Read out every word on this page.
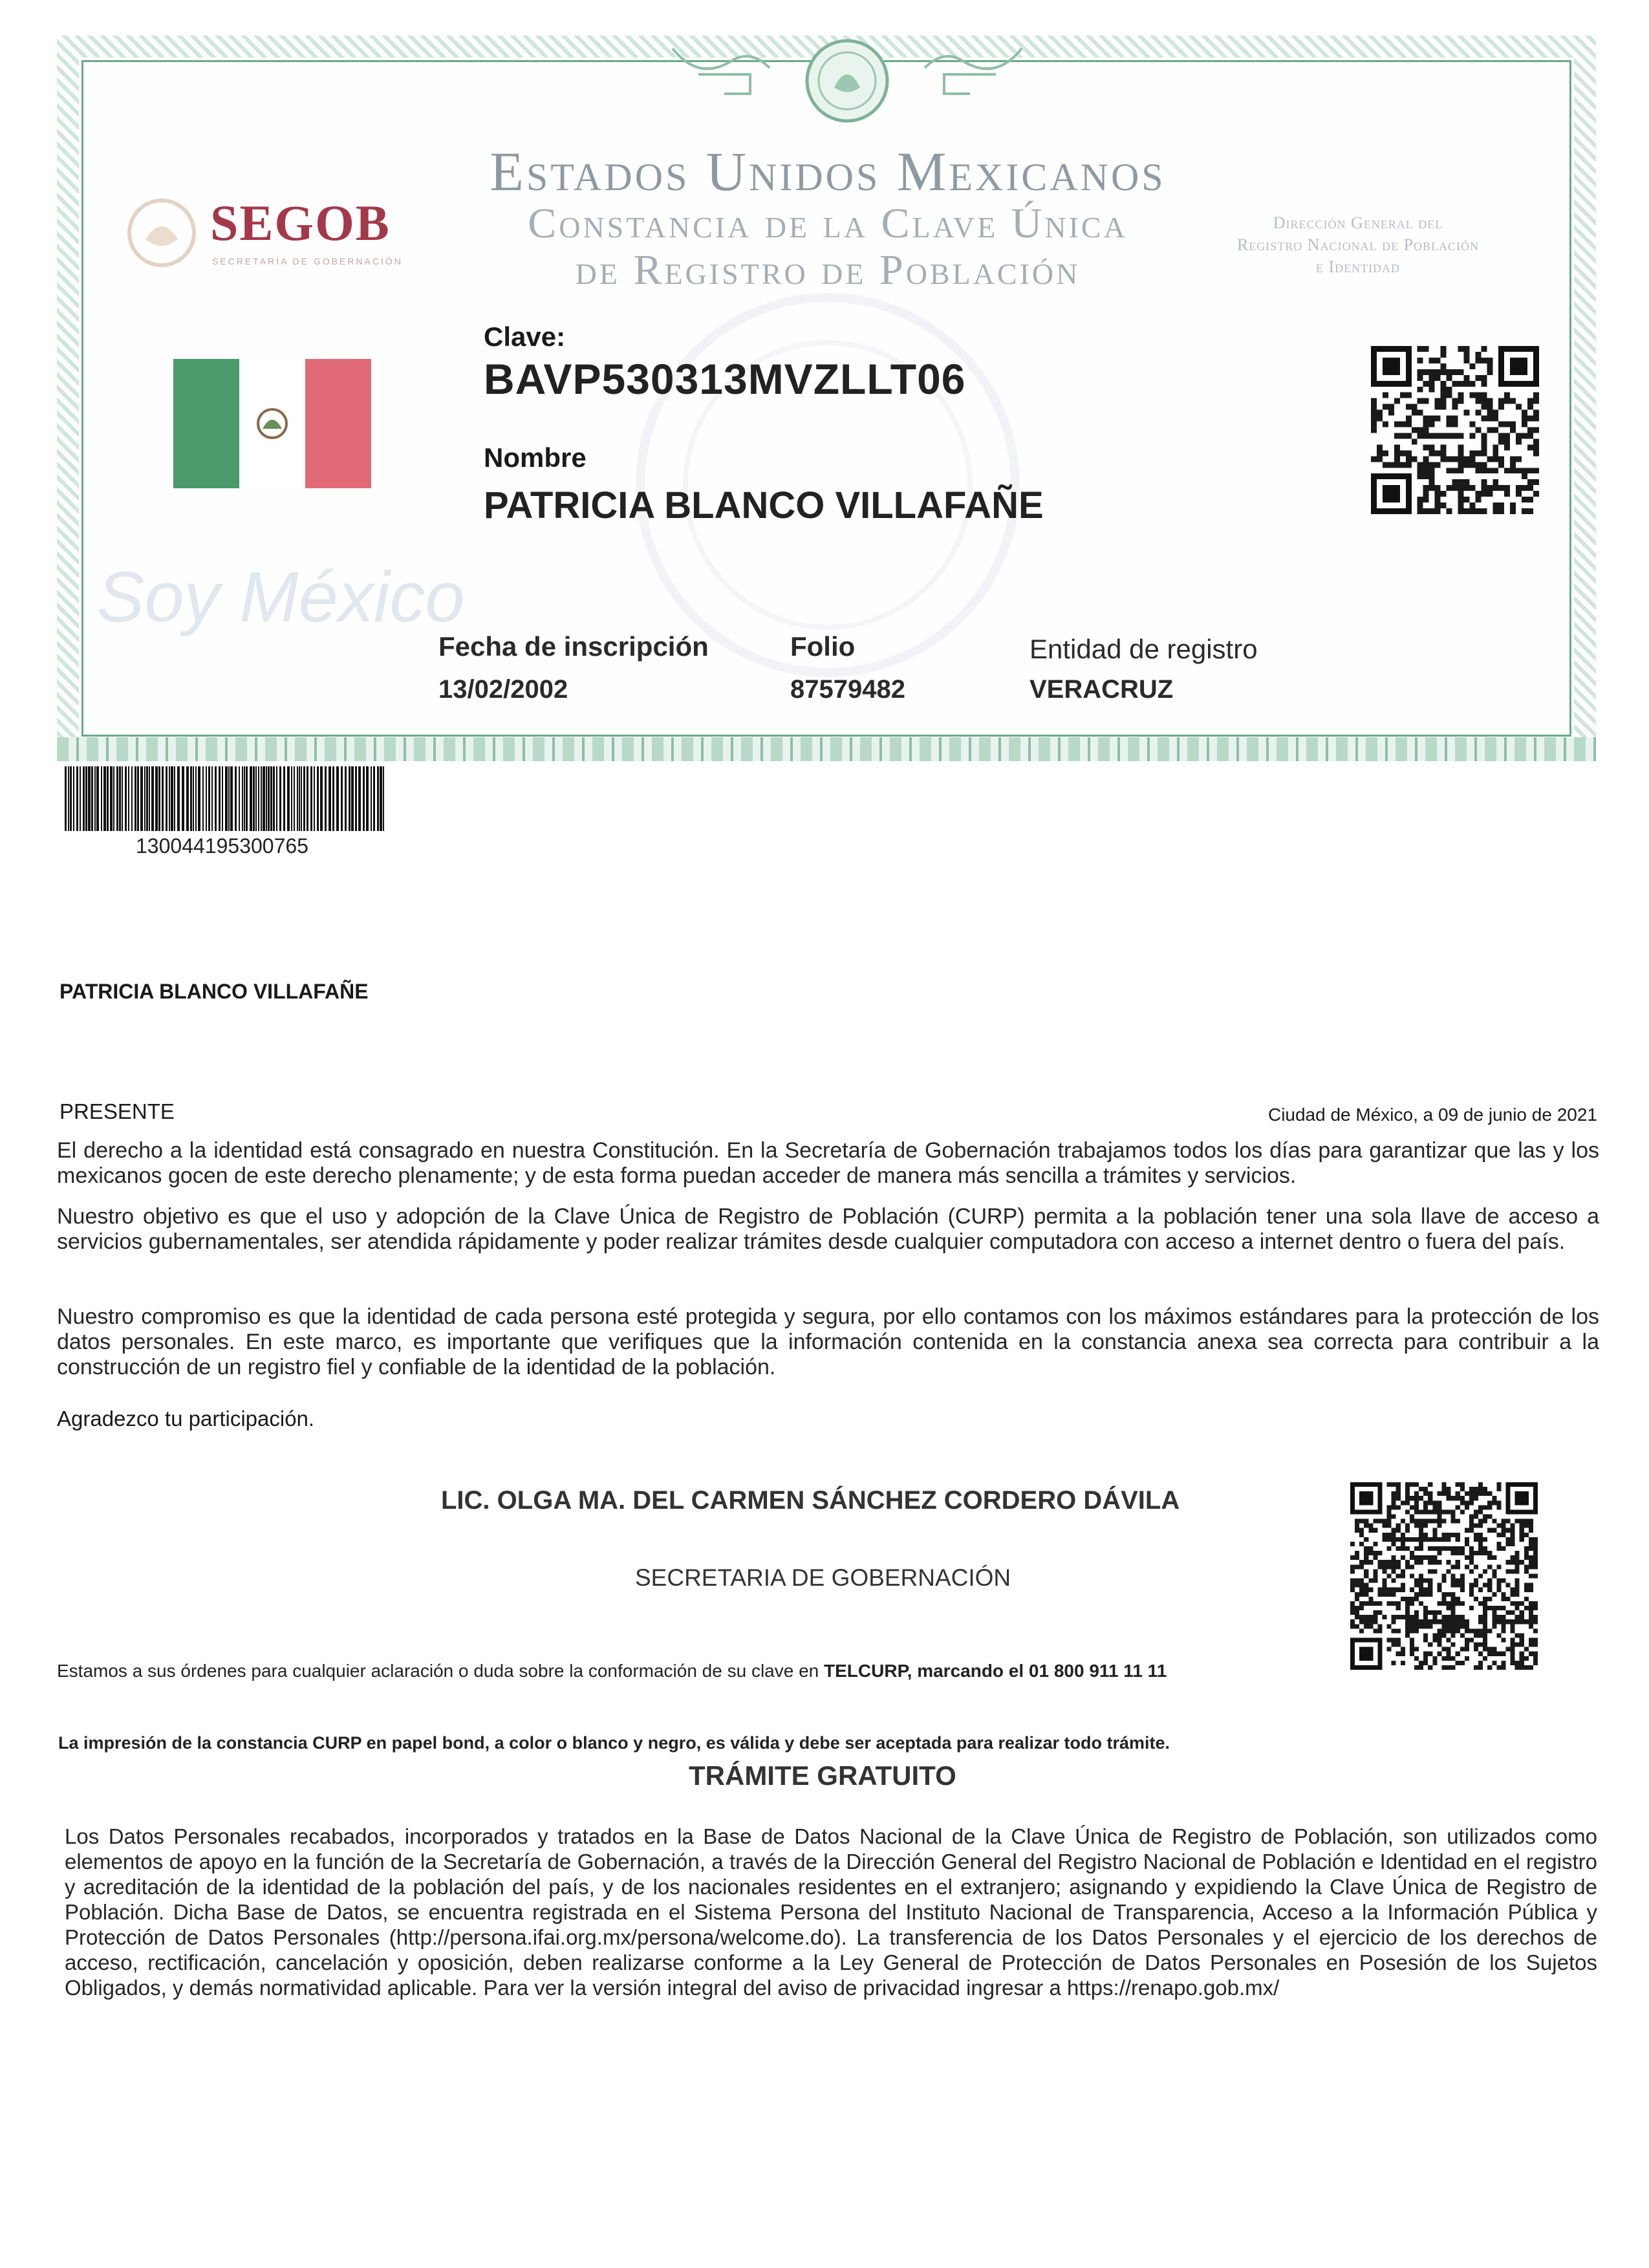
Estados Unidos Mexicanos
Constancia de la Clave Única
de Registro de Población
Dirección General del
Registro Nacional de Población
e Identidad
SEGOB
SECRETARÍA DE GOBERNACIÓN
Soy México
Clave:
BAVP530313MVZLLT06
Nombre
PATRICIA BLANCO VILLAFAÑE
Fecha de inscripción
13/02/2002
Folio
87579482
Entidad de registro
VERACRUZ
130044195300765
PATRICIA BLANCO VILLAFAÑE
PRESENTE	Ciudad de México, a 09 de junio de 2021
El derecho a la identidad está consagrado en nuestra Constitución. En la Secretaría de Gobernación trabajamos todos los días para garantizar que las y los mexicanos gocen de este derecho plenamente; y de esta forma puedan acceder de manera más sencilla a trámites y servicios.
Nuestro objetivo es que el uso y adopción de la Clave Única de Registro de Población (CURP) permita a la población tener una sola llave de acceso a servicios gubernamentales, ser atendida rápidamente y poder realizar trámites desde cualquier computadora con acceso a internet dentro o fuera del país.
Nuestro compromiso es que la identidad de cada persona esté protegida y segura, por ello contamos con los máximos estándares para la protección de los datos personales. En este marco, es importante que verifiques que la información contenida en la constancia anexa sea correcta para contribuir a la construcción de un registro fiel y confiable de la identidad de la población.
Agradezco tu participación.
LIC. OLGA MA. DEL CARMEN SÁNCHEZ CORDERO DÁVILA
SECRETARIA DE GOBERNACIÓN
Estamos a sus órdenes para cualquier aclaración o duda sobre la conformación de su clave en TELCURP, marcando el 01 800 911 11 11
La impresión de la constancia CURP en papel bond, a color o blanco y negro, es válida y debe ser aceptada para realizar todo trámite.
TRÁMITE GRATUITO
Los Datos Personales recabados, incorporados y tratados en la Base de Datos Nacional de la Clave Única de Registro de Población, son utilizados como elementos de apoyo en la función de la Secretaría de Gobernación, a través de la Dirección General del Registro Nacional de Población e Identidad en el registro y acreditación de la identidad de la población del país, y de los nacionales residentes en el extranjero; asignando y expidiendo la Clave Única de Registro de Población. Dicha Base de Datos, se encuentra registrada en el Sistema Persona del Instituto Nacional de Transparencia, Acceso a la Información Pública y Protección de Datos Personales (http://persona.ifai.org.mx/persona/welcome.do). La transferencia de los Datos Personales y el ejercicio de los derechos de acceso, rectificación, cancelación y oposición, deben realizarse conforme a la Ley General de Protección de Datos Personales en Posesión de los Sujetos Obligados, y demás normatividad aplicable. Para ver la versión integral del aviso de privacidad ingresar a https://renapo.gob.mx/
